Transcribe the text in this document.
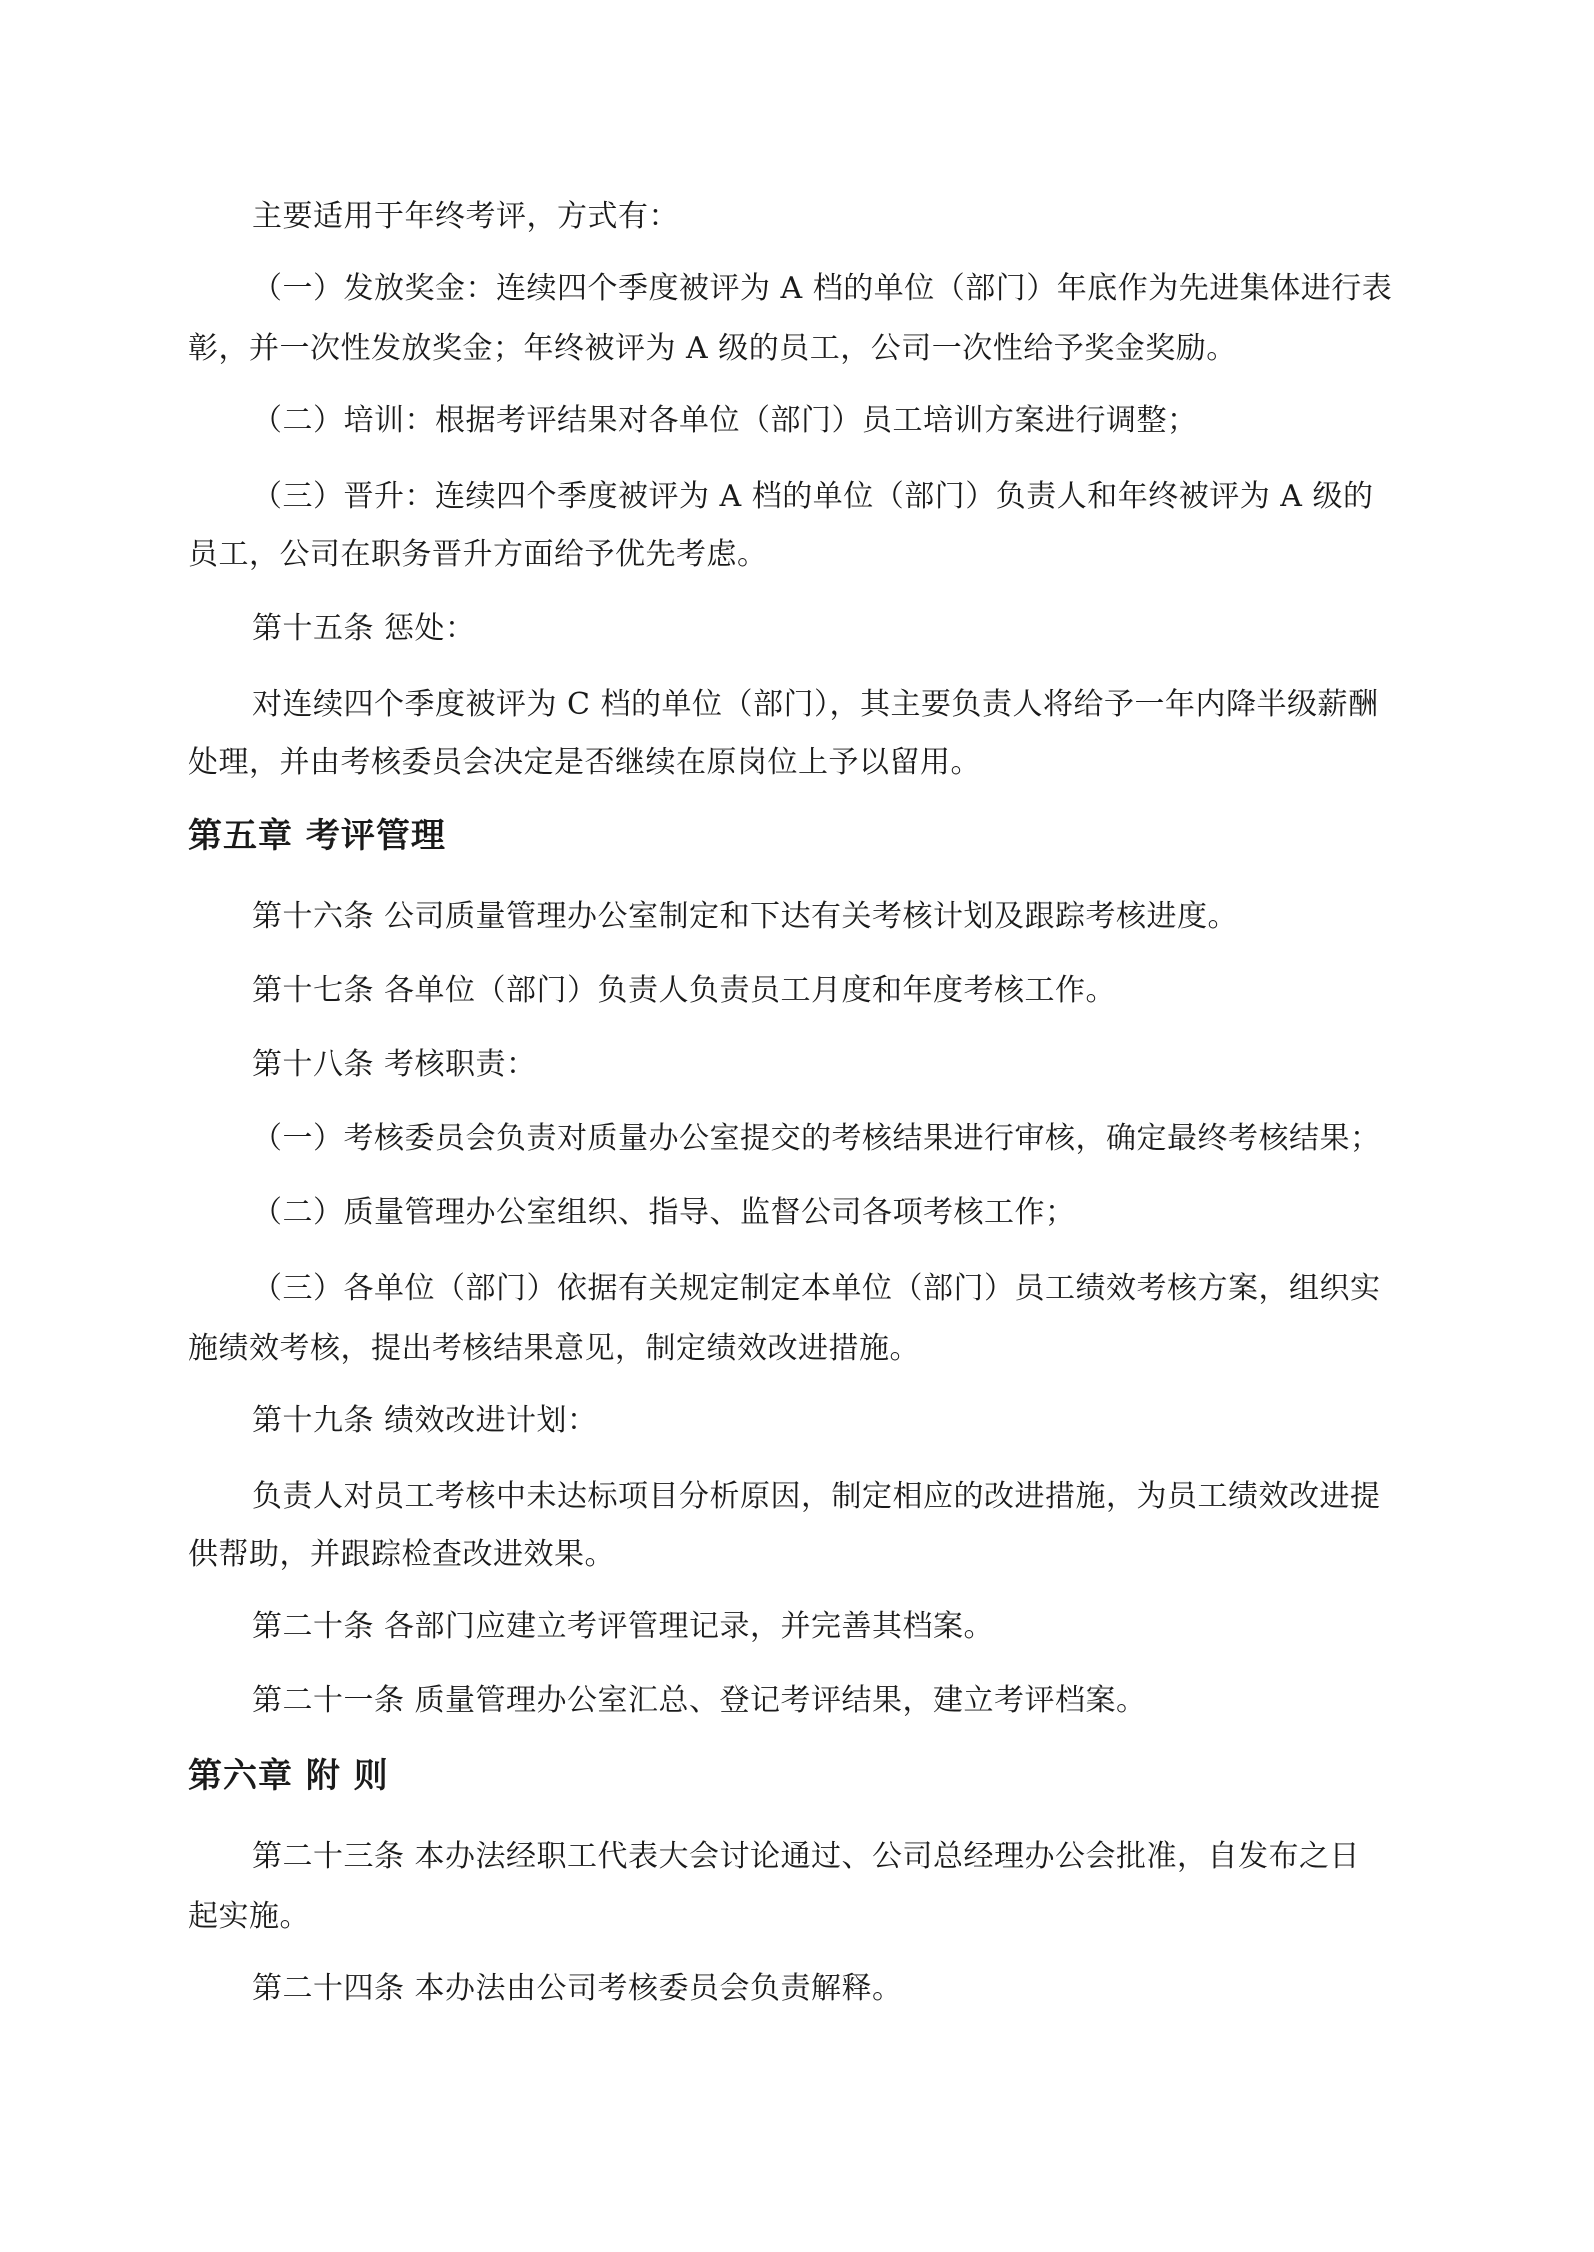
主要适用于年终考评，方式有：

（一）发放奖金：连续四个季度被评为 A 档的单位（部门）年底作为先进集体进行表

彰，并一次性发放奖金；年终被评为 A 级的员工，公司一次性给予奖金奖励。

（二）培训：根据考评结果对各单位（部门）员工培训方案进行调整；

（三）晋升：连续四个季度被评为 A 档的单位（部门）负责人和年终被评为 A 级的

员工，公司在职务晋升方面给予优先考虑。

第十五条 惩处：

对连续四个季度被评为 C 档的单位（部门），其主要负责人将给予一年内降半级薪酬

处理，并由考核委员会决定是否继续在原岗位上予以留用。

第五章 考评管理

第十六条 公司质量管理办公室制定和下达有关考核计划及跟踪考核进度。

第十七条 各单位（部门）负责人负责员工月度和年度考核工作。

第十八条 考核职责：

（一）考核委员会负责对质量办公室提交的考核结果进行审核，确定最终考核结果；

（二）质量管理办公室组织、指导、监督公司各项考核工作；

（三）各单位（部门）依据有关规定制定本单位（部门）员工绩效考核方案，组织实

施绩效考核，提出考核结果意见，制定绩效改进措施。

第十九条 绩效改进计划：

负责人对员工考核中未达标项目分析原因，制定相应的改进措施，为员工绩效改进提

供帮助，并跟踪检查改进效果。

第二十条 各部门应建立考评管理记录，并完善其档案。

第二十一条 质量管理办公室汇总、登记考评结果，建立考评档案。

第六章 附 则

第二十三条 本办法经职工代表大会讨论通过、公司总经理办公会批准，自发布之日

起实施。

第二十四条 本办法由公司考核委员会负责解释。
